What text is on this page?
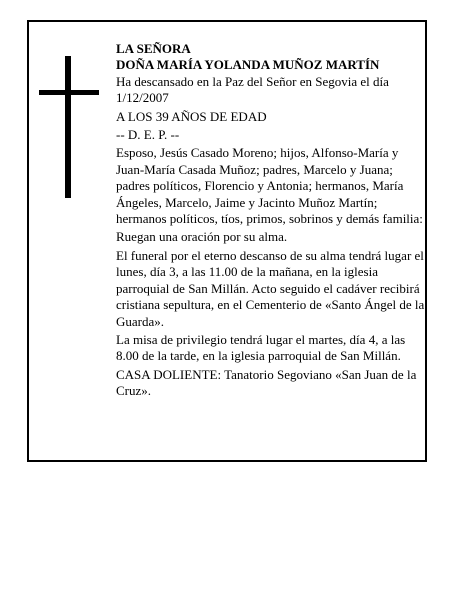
LA SEÑORA
DOÑA MARÍA YOLANDA MUÑOZ MARTÍN
Ha descansado en la Paz del Señor en Segovia el día 1/12/2007
A LOS 39 AÑOS DE EDAD
-- D. E. P. --
Esposo, Jesús Casado Moreno; hijos, Alfonso-María y Juan-María Casada Muñoz; padres, Marcelo y Juana; padres políticos, Florencio y Antonia; hermanos, María Ángeles, Marcelo, Jaime y Jacinto Muñoz Martín; hermanos políticos, tíos, primos, sobrinos y demás familia:
Ruegan una oración por su alma.
El funeral por el eterno descanso de su alma tendrá lugar el lunes, día 3, a las 11.00 de la mañana, en la iglesia parroquial de San Millán. Acto seguido el cadáver recibirá cristiana sepultura, en el Cementerio de «Santo Ángel de la Guarda».
La misa de privilegio tendrá lugar el martes, día 4, a las 8.00 de la tarde, en la iglesia parroquial de San Millán.
CASA DOLIENTE: Tanatorio Segoviano «San Juan de la Cruz».
